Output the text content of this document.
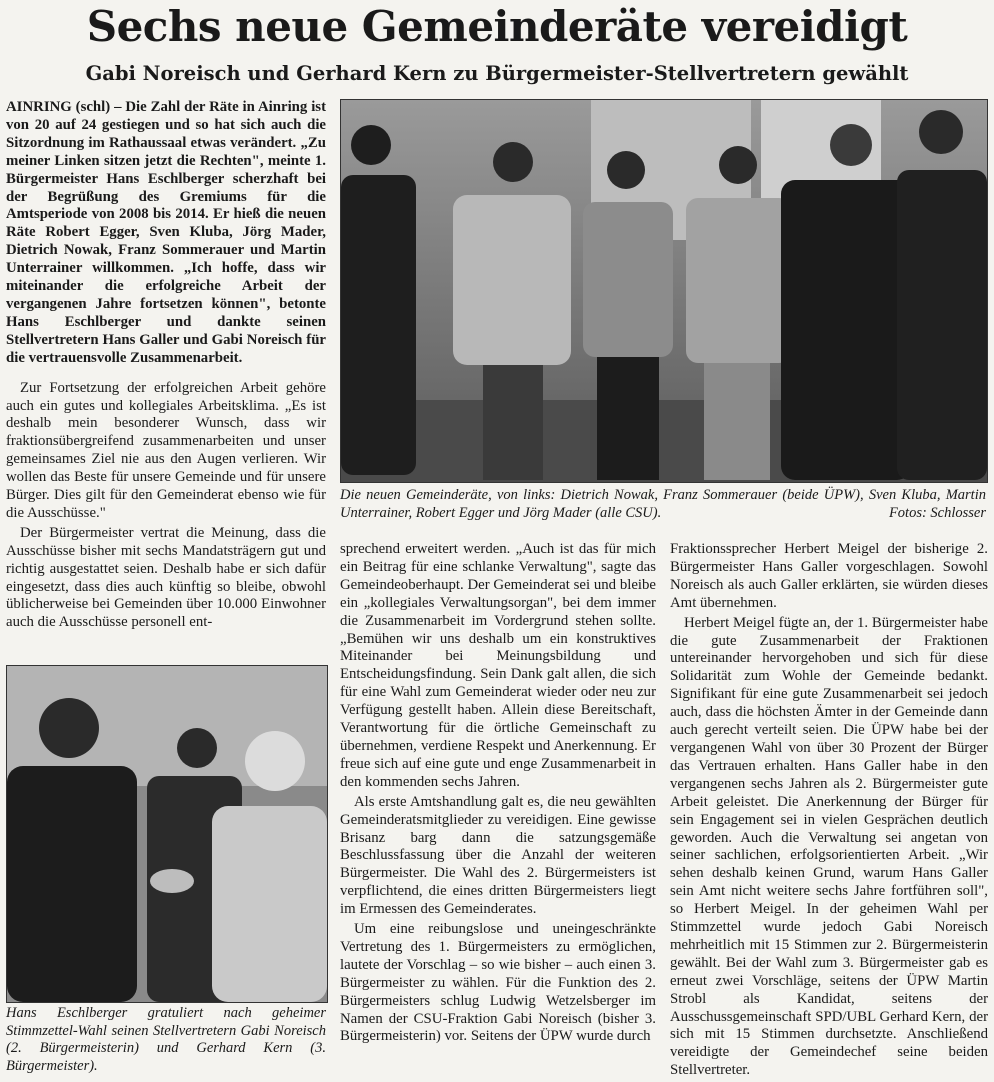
Sechs neue Gemeinderäte vereidigt
Gabi Noreisch und Gerhard Kern zu Bürgermeister-Stellvertretern gewählt

AINRING (schl) – Die Zahl der Räte in Ainring ist von 20 auf 24 gestiegen und so hat sich auch die Sitzordnung im Rathaussaal etwas verändert. „Zu meiner Linken sitzen jetzt die Rechten", meinte 1. Bürgermeister Hans Eschlberger scherzhaft bei der Begrüßung des Gremiums für die Amtsperiode von 2008 bis 2014. Er hieß die neuen Räte Robert Egger, Sven Kluba, Jörg Mader, Dietrich Nowak, Franz Sommerauer und Martin Unterrainer willkommen. „Ich hoffe, dass wir miteinander die erfolgreiche Arbeit der vergangenen Jahre fortsetzen können", betonte Hans Eschlberger und dankte seinen Stellvertretern Hans Galler und Gabi Noreisch für die vertrauensvolle Zusammenarbeit.

Zur Fortsetzung der erfolgreichen Arbeit gehöre auch ein gutes und kollegiales Arbeitsklima. „Es ist deshalb mein besonderer Wunsch, dass wir fraktionsübergreifend zusammenarbeiten und unser gemeinsames Ziel nie aus den Augen verlieren. Wir wollen das Beste für unsere Gemeinde und für unsere Bürger. Dies gilt für den Gemeinderat ebenso wie für die Ausschüsse."

Der Bürgermeister vertrat die Meinung, dass die Ausschüsse bisher mit sechs Mandatsträgern gut und richtig ausgestattet seien. Deshalb habe er sich dafür eingesetzt, dass dies auch künftig so bleibe, obwohl üblicherweise bei Gemeinden über 10.000 Einwohner auch die Ausschüsse personell ent-

Die neuen Gemeinderäte, von links: Dietrich Nowak, Franz Sommerauer (beide ÜPW), Sven Kluba, Martin Unterrainer, Robert Egger und Jörg Mader (alle CSU).	Fotos: Schlosser
Hans Eschlberger gratuliert nach geheimer Stimmzettel-Wahl seinen Stellvertretern Gabi Noreisch (2. Bürgermeisterin) und Gerhard Kern (3. Bürgermeister).

sprechend erweitert werden. „Auch ist das für mich ein Beitrag für eine schlanke Verwaltung", sagte das Gemeindeoberhaupt. Der Gemeinderat sei und bleibe ein „kollegiales Verwaltungsorgan", bei dem immer die Zusammenarbeit im Vordergrund stehen sollte. „Bemühen wir uns deshalb um ein konstruktives Miteinander bei Meinungsbildung und Entscheidungsfindung. Sein Dank galt allen, die sich für eine Wahl zum Gemeinderat wieder oder neu zur Verfügung gestellt haben. Allein diese Bereitschaft, Verantwortung für die örtliche Gemeinschaft zu übernehmen, verdiene Respekt und Anerkennung. Er freue sich auf eine gute und enge Zusammenarbeit in den kommenden sechs Jahren.

Als erste Amtshandlung galt es, die neu gewählten Gemeinderatsmitglieder zu vereidigen. Eine gewisse Brisanz barg dann die satzungsgemäße Beschlussfassung über die Anzahl der weiteren Bürgermeister. Die Wahl des 2. Bürgermeisters ist verpflichtend, die eines dritten Bürgermeisters liegt im Ermessen des Gemeinderates.

Um eine reibungslose und uneingeschränkte Vertretung des 1. Bürgermeisters zu ermöglichen, lautete der Vorschlag – so wie bisher – auch einen 3. Bürgermeister zu wählen. Für die Funktion des 2. Bürgermeisters schlug Ludwig Wetzelsberger im Namen der CSU-Fraktion Gabi Noreisch (bisher 3. Bürgermeisterin) vor. Seitens der ÜPW wurde durch

Fraktionssprecher Herbert Meigel der bisherige 2. Bürgermeister Hans Galler vorgeschlagen. Sowohl Noreisch als auch Galler erklärten, sie würden dieses Amt übernehmen.

Herbert Meigel fügte an, der 1. Bürgermeister habe die gute Zusammenarbeit der Fraktionen untereinander hervorgehoben und sich für diese Solidarität zum Wohle der Gemeinde bedankt. Signifikant für eine gute Zusammenarbeit sei jedoch auch, dass die höchsten Ämter in der Gemeinde dann auch gerecht verteilt seien. Die ÜPW habe bei der vergangenen Wahl von über 30 Prozent der Bürger das Vertrauen erhalten. Hans Galler habe in den vergangenen sechs Jahren als 2. Bürgermeister gute Arbeit geleistet. Die Anerkennung der Bürger für sein Engagement sei in vielen Gesprächen deutlich geworden. Auch die Verwaltung sei angetan von seiner sachlichen, erfolgsorientierten Arbeit. „Wir sehen deshalb keinen Grund, warum Hans Galler sein Amt nicht weitere sechs Jahre fortführen soll", so Herbert Meigel. In der geheimen Wahl per Stimmzettel wurde jedoch Gabi Noreisch mehrheitlich mit 15 Stimmen zur 2. Bürgermeisterin gewählt. Bei der Wahl zum 3. Bürgermeister gab es erneut zwei Vorschläge, seitens der ÜPW Martin Strobl als Kandidat, seitens der Ausschussgemeinschaft SPD/UBL Gerhard Kern, der sich mit 15 Stimmen durchsetzte. Anschließend vereidigte der Gemeindechef seine beiden Stellvertreter.
